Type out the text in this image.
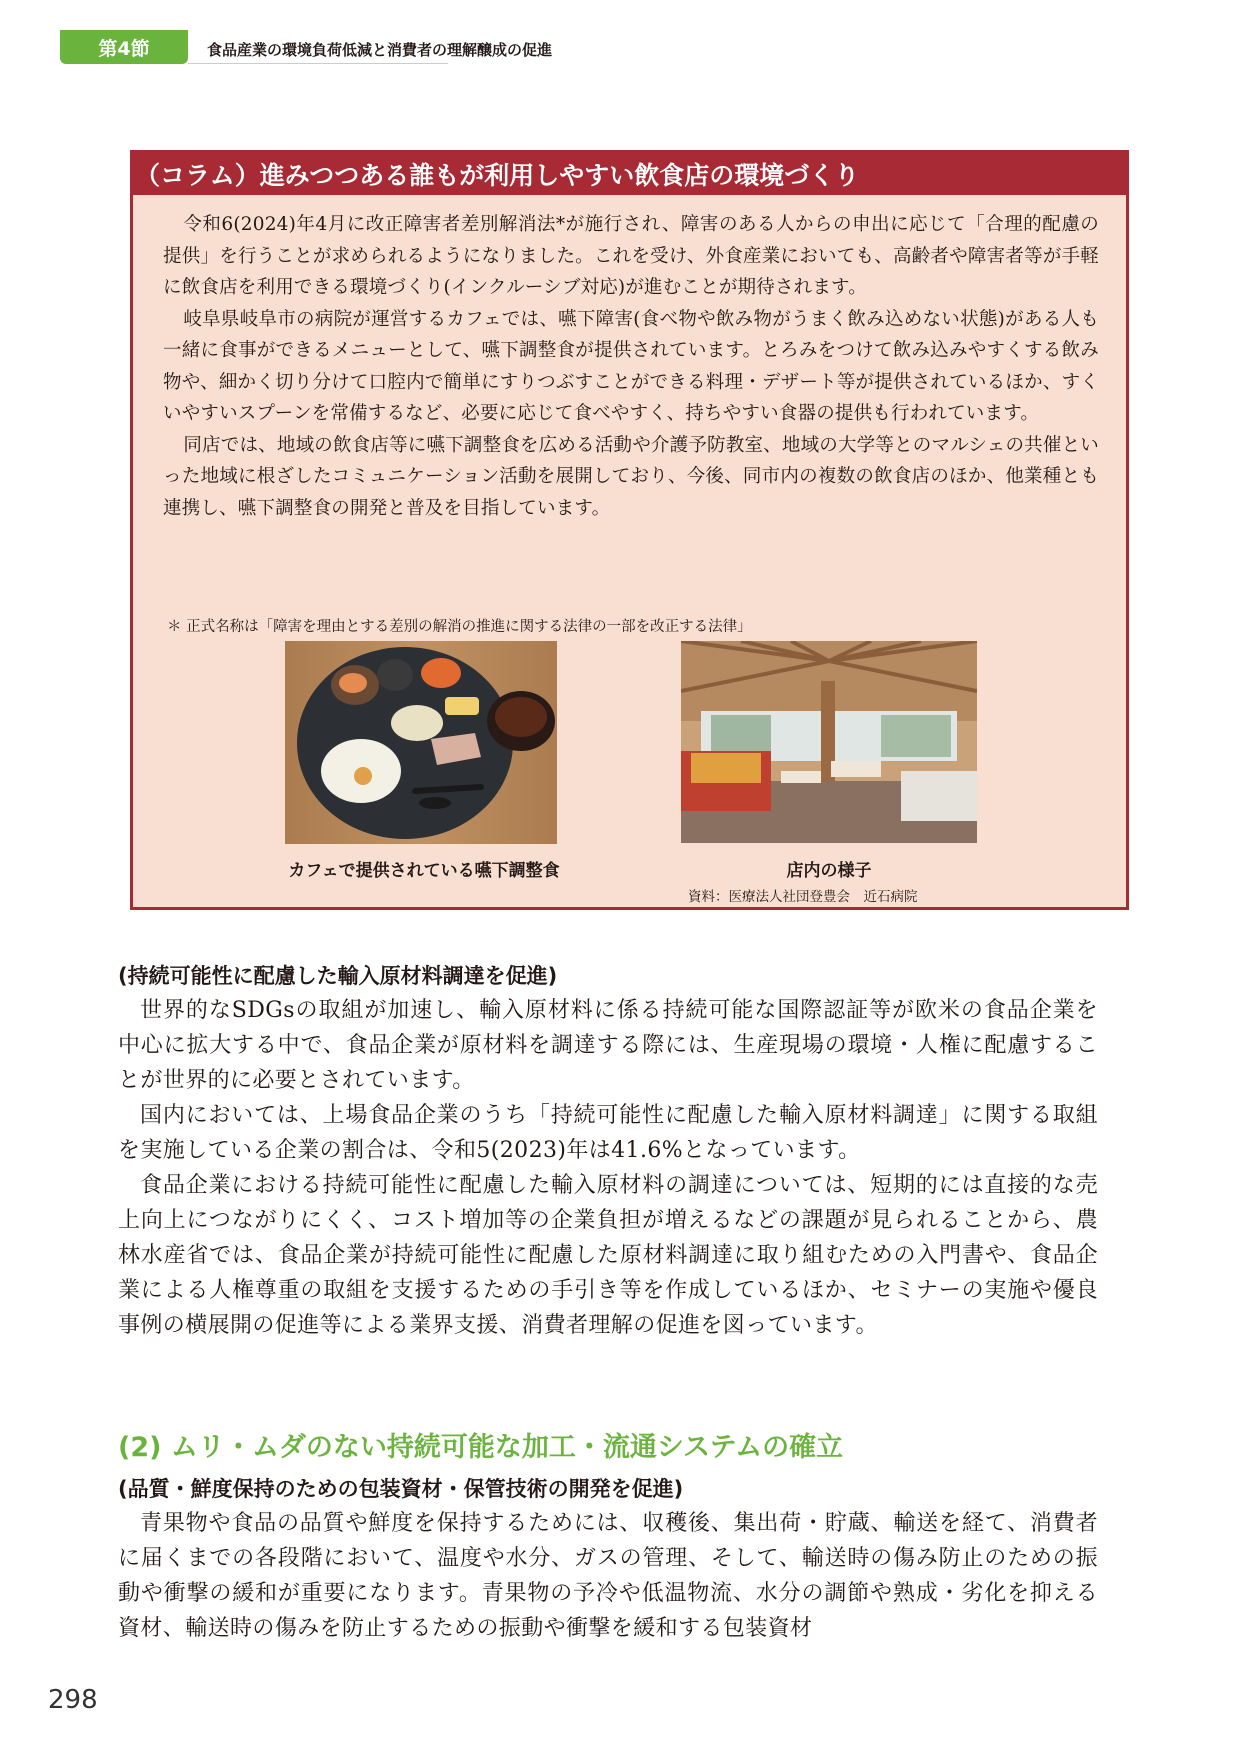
第4節	食品産業の環境負荷低減と消費者の理解醸成の促進
（コラム）進みつつある誰もが利用しやすい飲食店の環境づくり

令和6(2024)年4月に改正障害者差別解消法*が施行され、障害のある人からの申出に応じて「合理的配慮の提供」を行うことが求められるようになりました。これを受け、外食産業においても、高齢者や障害者等が手軽に飲食店を利用できる環境づくり(インクルーシブ対応)が進むことが期待されます。

岐阜県岐阜市の病院が運営するカフェでは、嚥下障害(食べ物や飲み物がうまく飲み込めない状態)がある人も一緒に食事ができるメニューとして、嚥下調整食が提供されています。とろみをつけて飲み込みやすくする飲み物や、細かく切り分けて口腔内で簡単にすりつぶすことができる料理・デザート等が提供されているほか、すくいやすいスプーンを常備するなど、必要に応じて食べやすく、持ちやすい食器の提供も行われています。

同店では、地域の飲食店等に嚥下調整食を広める活動や介護予防教室、地域の大学等とのマルシェの共催といった地域に根ざしたコミュニケーション活動を展開しており、今後、同市内の複数の飲食店のほか、他業種とも連携し、嚥下調整食の開発と普及を目指しています。

＊ 正式名称は「障害を理由とする差別の解消の推進に関する法律の一部を改正する法律」
カフェで提供されている嚥下調整食	店内の様子
資料：医療法人社団登豊会　近石病院
(持続可能性に配慮した輸入原材料調達を促進)

世界的なSDGsの取組が加速し、輸入原材料に係る持続可能な国際認証等が欧米の食品企業を中心に拡大する中で、食品企業が原材料を調達する際には、生産現場の環境・人権に配慮することが世界的に必要とされています。

国内においては、上場食品企業のうち「持続可能性に配慮した輸入原材料調達」に関する取組を実施している企業の割合は、令和5(2023)年は41.6%となっています。

食品企業における持続可能性に配慮した輸入原材料の調達については、短期的には直接的な売上向上につながりにくく、コスト増加等の企業負担が増えるなどの課題が見られることから、農林水産省では、食品企業が持続可能性に配慮した原材料調達に取り組むための入門書や、食品企業による人権尊重の取組を支援するための手引き等を作成しているほか、セミナーの実施や優良事例の横展開の促進等による業界支援、消費者理解の促進を図っています。

(2) ムリ・ムダのない持続可能な加工・流通システムの確立
(品質・鮮度保持のための包装資材・保管技術の開発を促進)

青果物や食品の品質や鮮度を保持するためには、収穫後、集出荷・貯蔵、輸送を経て、消費者に届くまでの各段階において、温度や水分、ガスの管理、そして、輸送時の傷み防止のための振動や衝撃の緩和が重要になります。青果物の予冷や低温物流、水分の調節や熟成・劣化を抑える資材、輸送時の傷みを防止するための振動や衝撃を緩和する包装資材

298
